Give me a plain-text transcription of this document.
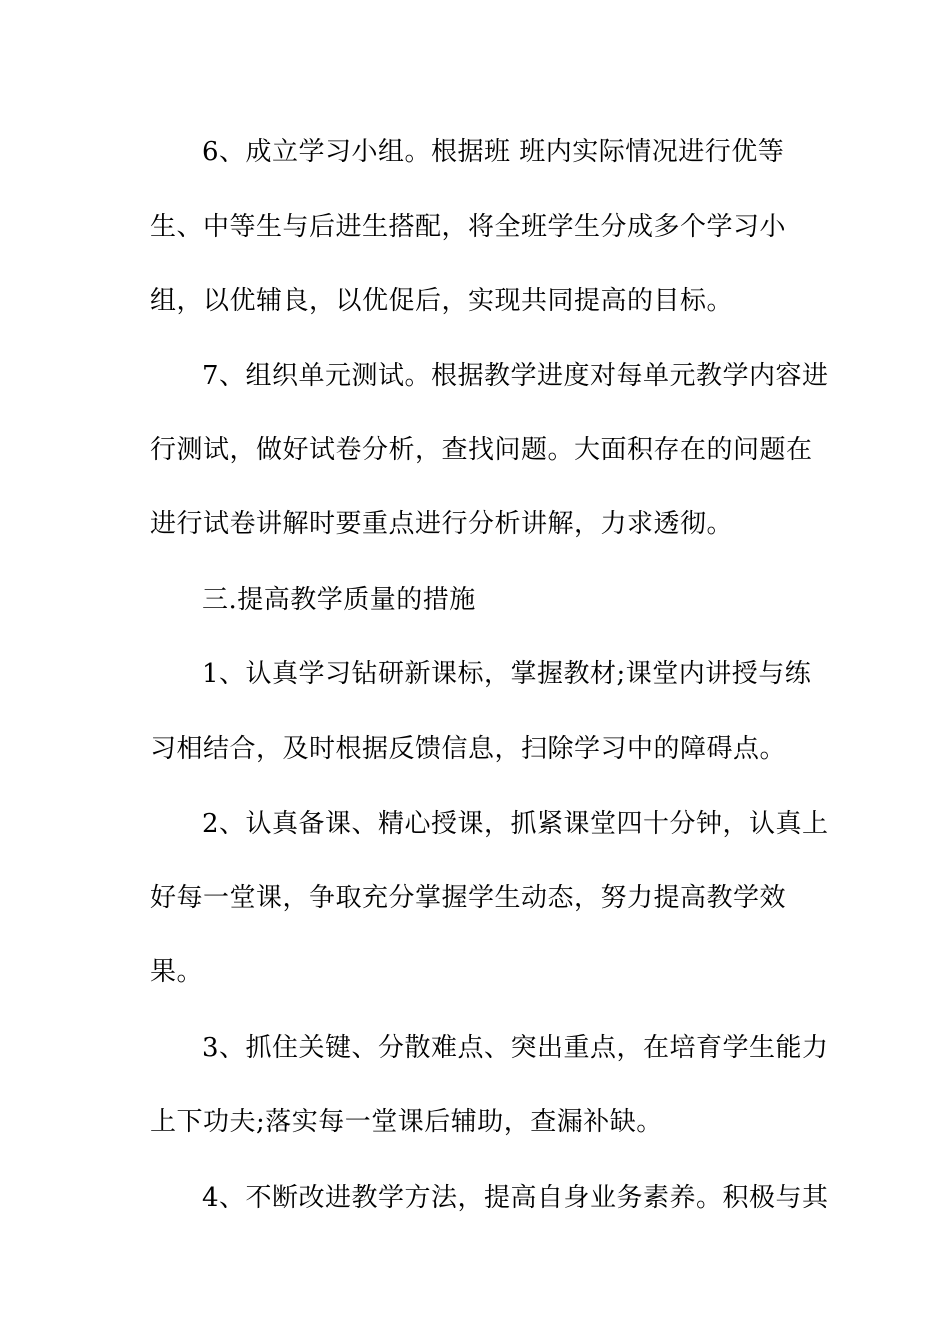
6、成立学习小组。根据班 班内实际情况进行优等
生、中等生与后进生搭配，将全班学生分成多个学习小
组，以优辅良，以优促后，实现共同提高的目标。
7、组织单元测试。根据教学进度对每单元教学内容进
行测试，做好试卷分析，查找问题。大面积存在的问题在
进行试卷讲解时要重点进行分析讲解，力求透彻。
三.提高教学质量的措施
1、认真学习钻研新课标，掌握教材;课堂内讲授与练
习相结合，及时根据反馈信息，扫除学习中的障碍点。
2、认真备课、精心授课，抓紧课堂四十分钟，认真上
好每一堂课，争取充分掌握学生动态，努力提高教学效
果。
3、抓住关键、分散难点、突出重点，在培育学生能力
上下功夫;落实每一堂课后辅助，查漏补缺。
4、不断改进教学方法，提高自身业务素养。积极与其
